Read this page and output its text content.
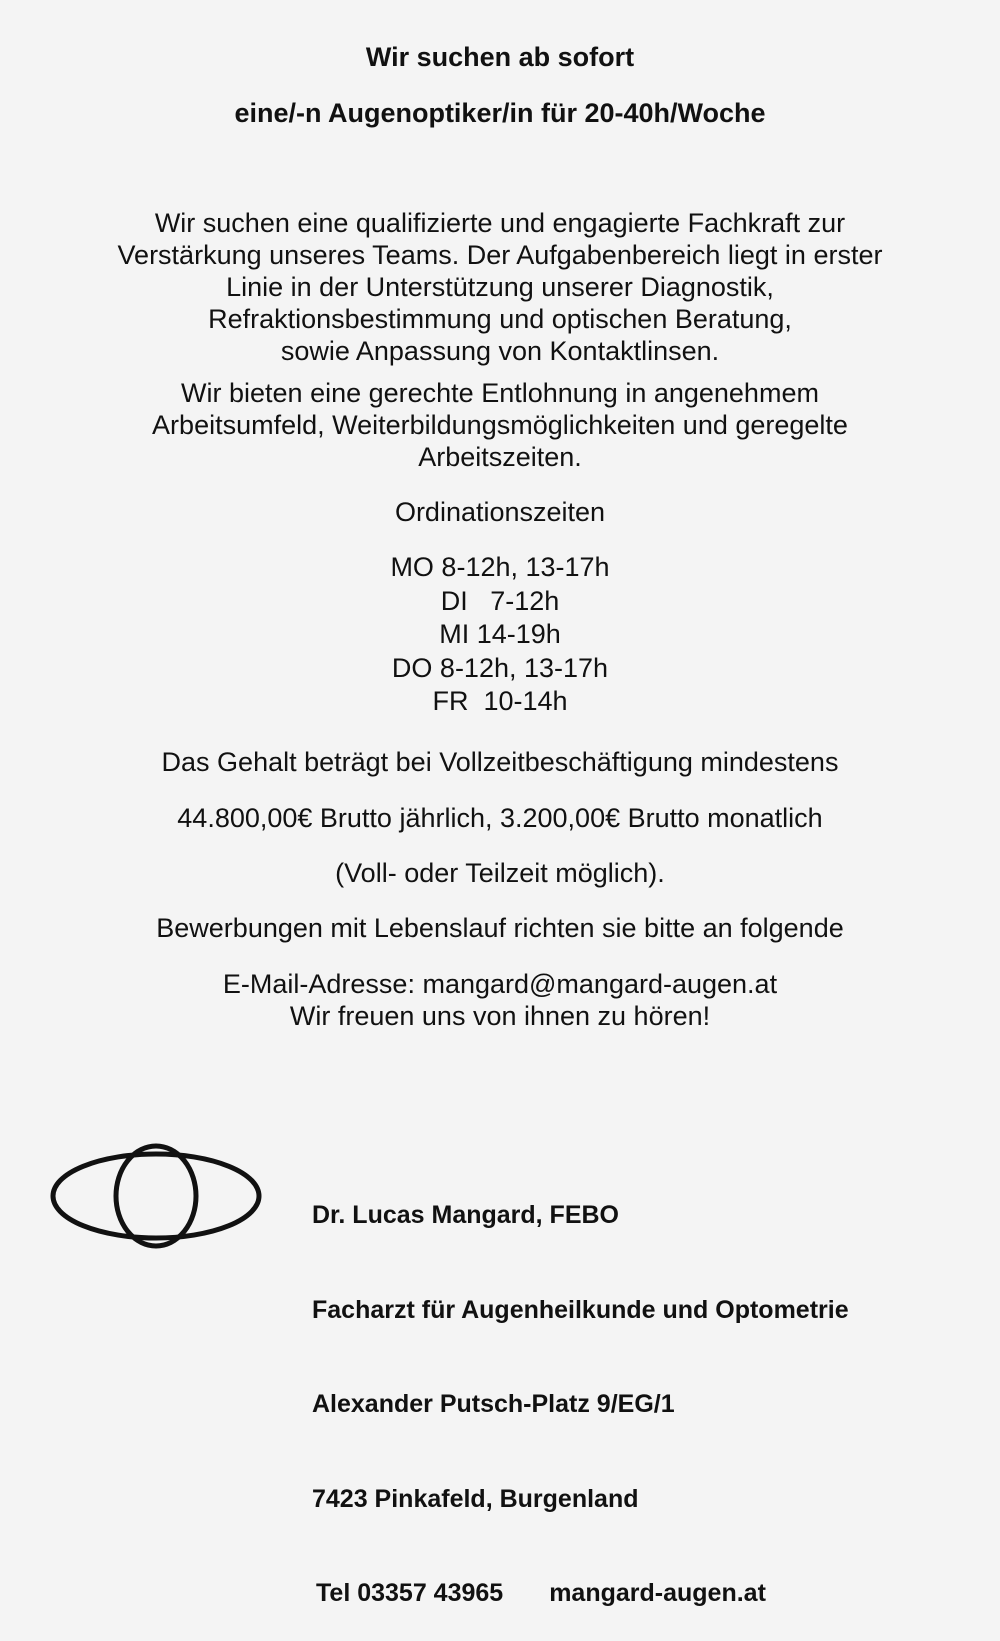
Wir suchen ab sofort
eine/-n Augenoptiker/in für 20-40h/Woche
Wir suchen eine qualifizierte und engagierte Fachkraft zur
Verstärkung unseres Teams. Der Aufgabenbereich liegt in erster
Linie in der Unterstützung unserer Diagnostik,
Refraktionsbestimmung und optischen Beratung,
sowie Anpassung von Kontaktlinsen.
Wir bieten eine gerechte Entlohnung in angenehmem
Arbeitsumfeld, Weiterbildungsmöglichkeiten und geregelte
Arbeitszeiten.
Ordinationszeiten
MO 8-12h, 13-17h
DI   7-12h
MI 14-19h
DO 8-12h, 13-17h
FR  10-14h
Das Gehalt beträgt bei Vollzeitbeschäftigung mindestens
44.800,00€ Brutto jährlich, 3.200,00€ Brutto monatlich
(Voll- oder Teilzeit möglich).
Bewerbungen mit Lebenslauf richten sie bitte an folgende
E-Mail-Adresse: mangard@mangard-augen.at
Wir freuen uns von ihnen zu hören!

Dr. Lucas Mangard, FEBO

Facharzt für Augenheilkunde und Optometrie

Alexander Putsch-Platz 9/EG/1

7423 Pinkafeld, Burgenland

Tel 03357 43965 mangard-augen.at
